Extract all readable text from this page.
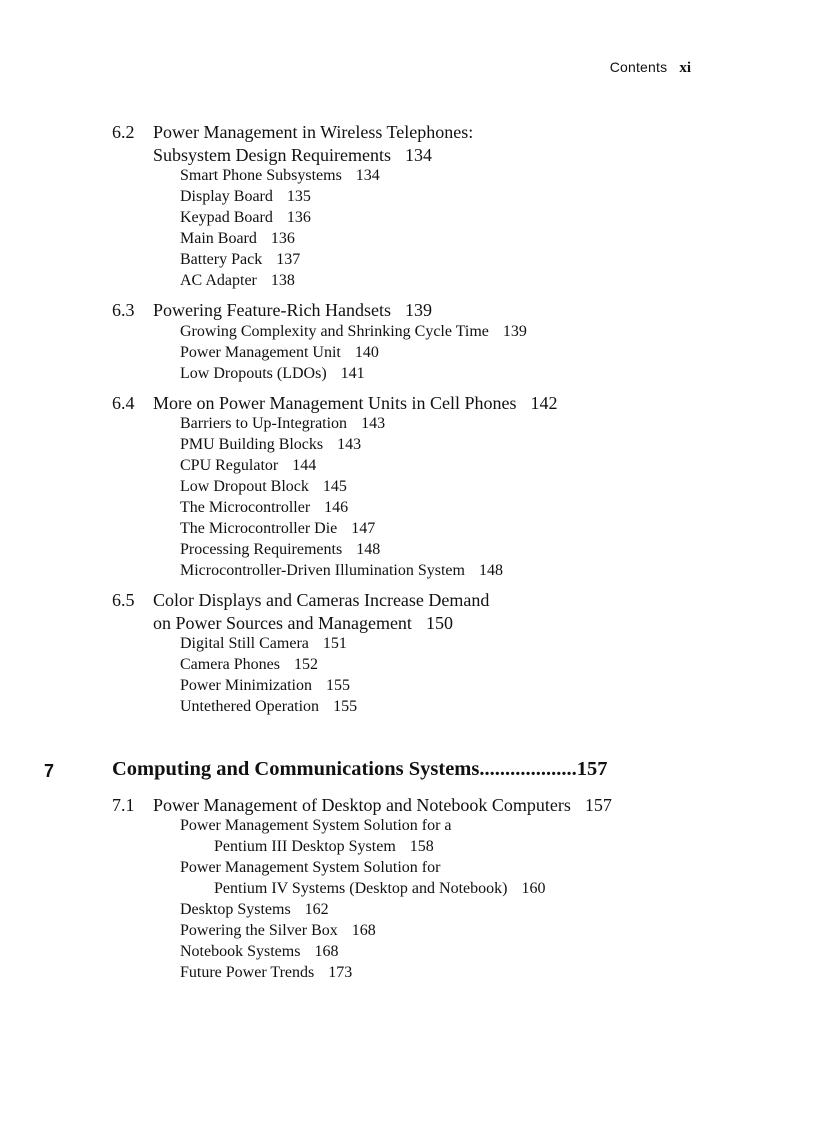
Contents xi
6.2 Power Management in Wireless Telephones:
Subsystem Design Requirements 134
Smart Phone Subsystems 134
Display Board 135
Keypad Board 136
Main Board 136
Battery Pack 137
AC Adapter 138
6.3 Powering Feature-Rich Handsets 139
Growing Complexity and Shrinking Cycle Time 139
Power Management Unit 140
Low Dropouts (LDOs) 141
6.4 More on Power Management Units in Cell Phones 142
Barriers to Up-Integration 143
PMU Building Blocks 143
CPU Regulator 144
Low Dropout Block 145
The Microcontroller 146
The Microcontroller Die 147
Processing Requirements 148
Microcontroller-Driven Illumination System 148
6.5 Color Displays and Cameras Increase Demand
on Power Sources and Management 150
Digital Still Camera 151
Camera Phones 152
Power Minimization 155
Untethered Operation 155
7	Computing and Communications Systems...................157
7.1 Power Management of Desktop and Notebook Computers 157
Power Management System Solution for a
Pentium III Desktop System 158
Power Management System Solution for
Pentium IV Systems (Desktop and Notebook) 160
Desktop Systems 162
Powering the Silver Box 168
Notebook Systems 168
Future Power Trends 173
